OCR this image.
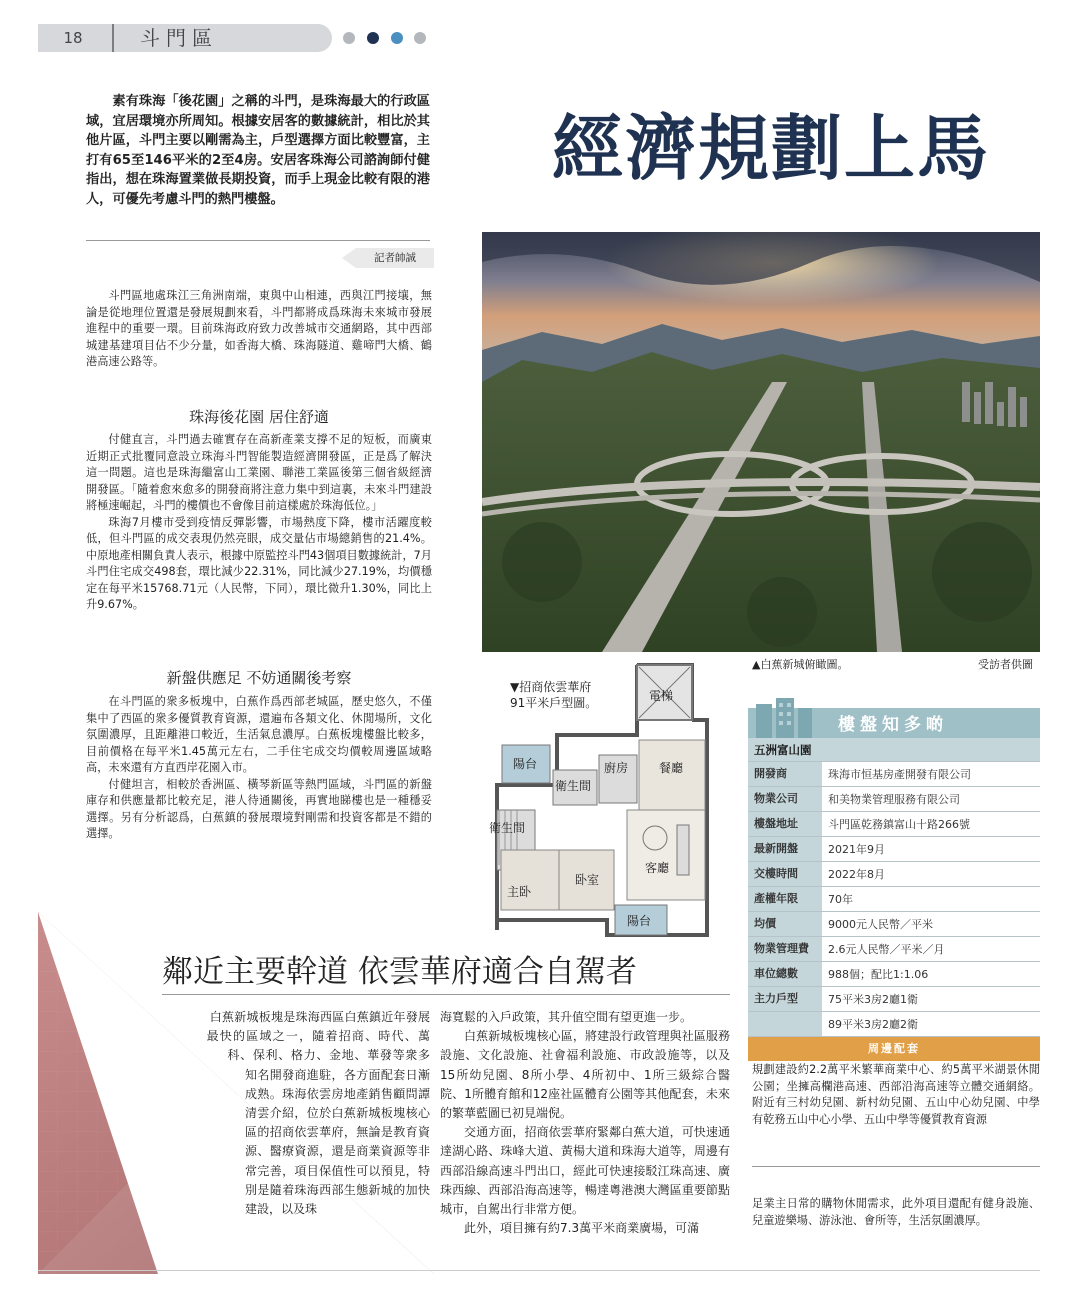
18	斗門區
經濟規劃上馬

素有珠海「後花園」之稱的斗門，是珠海最大的行政區域，宜居環境亦所周知。根據安居客的數據統計，相比於其他片區，斗門主要以剛需為主，戶型選擇方面比較豐富，主打有65至146平米的2至4房。安居客珠海公司諮詢師付健指出，想在珠海置業做長期投資，而手上現金比較有限的港人，可優先考慮斗門的熱門樓盤。

記者帥誠

斗門區地處珠江三角洲南端，東與中山相連，西與江門接壤，無論是從地理位置還是發展規劃來看，斗門都將成爲珠海未來城市發展進程中的重要一環。目前珠海政府致力改善城市交通網路，其中西部城建基建項目佔不少分量，如香海大橋、珠海隧道、雞啼門大橋、鶴港高速公路等。

珠海後花園 居住舒適

付健直言，斗門過去確實存在高新產業支撐不足的短板，而廣東近期正式批覆同意設立珠海斗門智能製造經濟開發區，正是爲了解決這一問題。這也是珠海繼富山工業園、聯港工業區後第三個省級經濟開發區。「隨着愈來愈多的開發商將注意力集中到這裏，未來斗門建設將極速崛起，斗門的樓價也不會像目前這樣處於珠海低位。」

珠海7月樓市受到疫情反彈影響，市場熱度下降，樓市活躍度較低，但斗門區的成交表現仍然亮眼，成交量佔市場總銷售的21.4%。中原地產相關負責人表示，根據中原監控斗門43個項目數據統計，7月斗門住宅成交498套，環比減少22.31%，同比減少27.19%，均價穩定在每平米15768.71元（人民幣，下同），環比微升1.30%，同比上升9.67%。

新盤供應足 不妨通關後考察

在斗門區的衆多板塊中，白蕉作爲西部老城區，歷史悠久，不僅集中了西區的衆多優質教育資源，還遍布各類文化、休閒場所，文化氛圍濃厚，且距離港口較近，生活氣息濃厚。白蕉板塊樓盤比較多，目前價格在每平米1.45萬元左右，二手住宅成交均價較周邊區域略高，未來還有方直西岸花園入市。

付健坦言，相較於香洲區、橫琴新區等熱門區域，斗門區的新盤庫存和供應量都比較充足，港人待通關後，再實地睇樓也是一種穩妥選擇。另有分析認爲，白蕉鎮的發展環境對剛需和投資客都是不錯的選擇。

▲白蕉新城俯瞰圖。	受訪者供圖
▼招商依雲華府
91平米戶型圖。	電梯
陽台
衛生間
廚房	餐廳
衛生間
客廳
主卧
卧室
陽台
樓盤知多啲
五洲富山園
開發商	珠海市恒基房產開發有限公司
物業公司	和美物業管理服務有限公司
樓盤地址	斗門區乾務鎮富山十路266號
最新開盤	2021年9月
交樓時間	2022年8月
產權年限	70年
均價	9000元人民幣／平米
物業管理費	2.6元人民幣／平米／月
車位總數	988個；配比1:1.06
主力戶型	75平米3房2廳1衛
89平米3房2廳2衛
周邊配套
規劃建設約2.2萬平米繁華商業中心、約5萬平米湖景休閒公園；坐擁高欄港高速、西部沿海高速等立體交通網絡。附近有三村幼兒園、新村幼兒園、五山中心幼兒園、中學有乾務五山中心小學、五山中學等優質教育資源
足業主日常的購物休閒需求，此外項目還配有健身設施、兒童遊樂場、游泳池、會所等，生活氛圍濃厚。
鄰近主要幹道 依雲華府適合自駕者

白蕉新城板塊是珠海西區白蕉鎮近年發展最快的區域之一，隨着招商、時代、萬科、保利、格力、金地、華發等衆多知名開發商進駐，各方面配套日漸成熟。珠海依雲房地產銷售顧問譚清雲介紹，位於白蕉新城板塊核心區的招商依雲華府，無論是教育資源、醫療資源，還是商業資源等非常完善，項目保值性可以預見，特別是隨着珠海西部生態新城的加快建設，以及珠

海寬鬆的入戶政策，其升值空間有望更進一步。

白蕉新城板塊核心區，將建設行政管理與社區服務設施、文化設施、社會福利設施、市政設施等，以及15所幼兒園、8所小學、4所初中、1所三級綜合醫院、1所體育館和12座社區體育公園等其他配套，未來的繁華藍圖已初見端倪。

交通方面，招商依雲華府緊鄰白蕉大道，可快速通達湖心路、珠峰大道、黃楊大道和珠海大道等，周邊有西部沿線高速斗門出口，經此可快速接駁江珠高速、廣珠西線、西部沿海高速等，暢達粵港澳大灣區重要節點城市，自駕出行非常方便。

此外，項目擁有約7.3萬平米商業廣場，可滿
